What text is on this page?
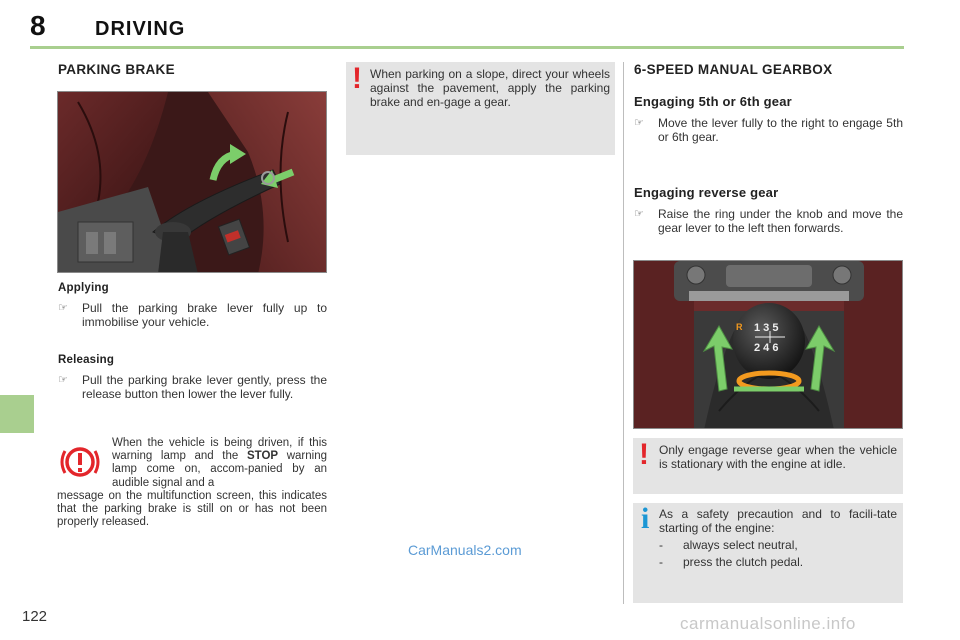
8 DRIVING
PARKING BRAKE
Applying
☞	Pull the parking brake lever fully up to immobilise your vehicle.
Releasing
☞	Pull the parking brake lever gently, press the release button then lower the lever fully.
When the vehicle is being driven, if this warning lamp and the STOP warning lamp come on, accom-panied by an audible signal and a
message on the multifunction screen, this indicates that the parking brake is still on or has not been properly released.
! When parking on a slope, direct your wheels against the pavement, apply the parking brake and en-gage a gear.
6-SPEED MANUAL GEARBOX
Engaging 5th or 6th gear
☞	Move the lever fully to the right to engage 5th or 6th gear.
Engaging reverse gear
☞	Raise the ring under the knob and move the gear lever to the left then forwards.
R 1 3 5
2 4 6
! Only engage reverse gear when the vehicle is stationary with the engine at idle.
i As a safety precaution and to facili-tate starting of the engine:
-	always select neutral,
-	press the clutch pedal.
122
CarManuals2.com
carmanualsonline.info
